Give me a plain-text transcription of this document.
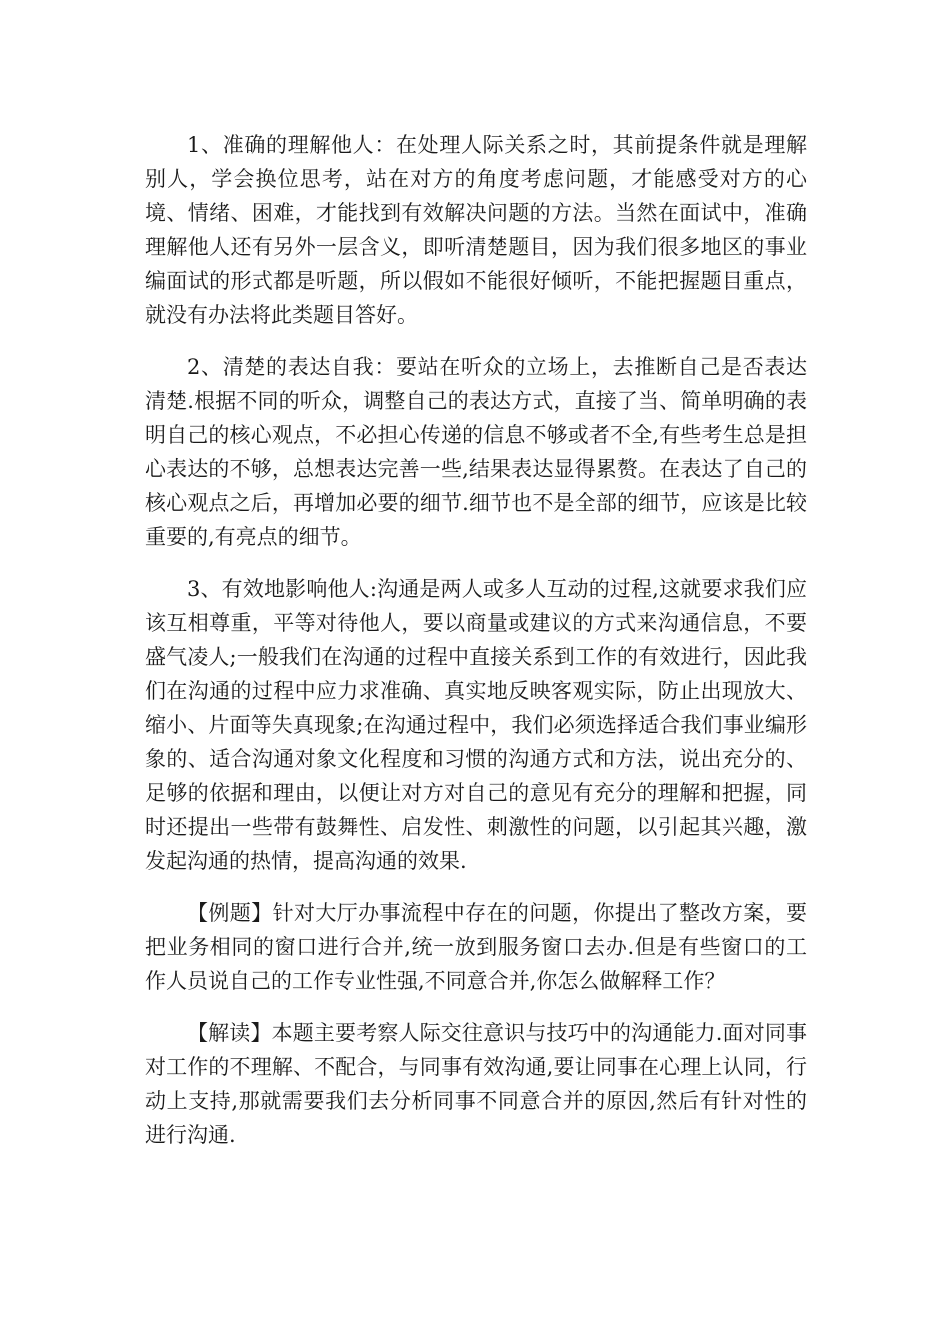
1、准确的理解他人：在处理人际关系之时，其前提条件就是理解别人，学会换位思考，站在对方的角度考虑问题，才能感受对方的心境、情绪、困难，才能找到有效解决问题的方法。当然在面试中，准确理解他人还有另外一层含义，即听清楚题目，因为我们很多地区的事业编面试的形式都是听题，所以假如不能很好倾听，不能把握题目重点，就没有办法将此类题目答好。

2、清楚的表达自我：要站在听众的立场上，去推断自己是否表达清楚.根据不同的听众，调整自己的表达方式，直接了当、简单明确的表明自己的核心观点，不必担心传递的信息不够或者不全,有些考生总是担心表达的不够，总想表达完善一些,结果表达显得累赘。在表达了自己的核心观点之后，再增加必要的细节.细节也不是全部的细节，应该是比较重要的,有亮点的细节。

3、有效地影响他人:沟通是两人或多人互动的过程,这就要求我们应该互相尊重，平等对待他人，要以商量或建议的方式来沟通信息，不要盛气凌人;一般我们在沟通的过程中直接关系到工作的有效进行，因此我们在沟通的过程中应力求准确、真实地反映客观实际，防止出现放大、缩小、片面等失真现象;在沟通过程中，我们必须选择适合我们事业编形象的、适合沟通对象文化程度和习惯的沟通方式和方法，说出充分的、足够的依据和理由，以便让对方对自己的意见有充分的理解和把握，同时还提出一些带有鼓舞性、启发性、刺激性的问题，以引起其兴趣，激发起沟通的热情，提高沟通的效果.

【例题】针对大厅办事流程中存在的问题，你提出了整改方案，要把业务相同的窗口进行合并,统一放到服务窗口去办.但是有些窗口的工作人员说自己的工作专业性强,不同意合并,你怎么做解释工作？

【解读】本题主要考察人际交往意识与技巧中的沟通能力.面对同事对工作的不理解、不配合，与同事有效沟通,要让同事在心理上认同，行动上支持,那就需要我们去分析同事不同意合并的原因,然后有针对性的进行沟通.
